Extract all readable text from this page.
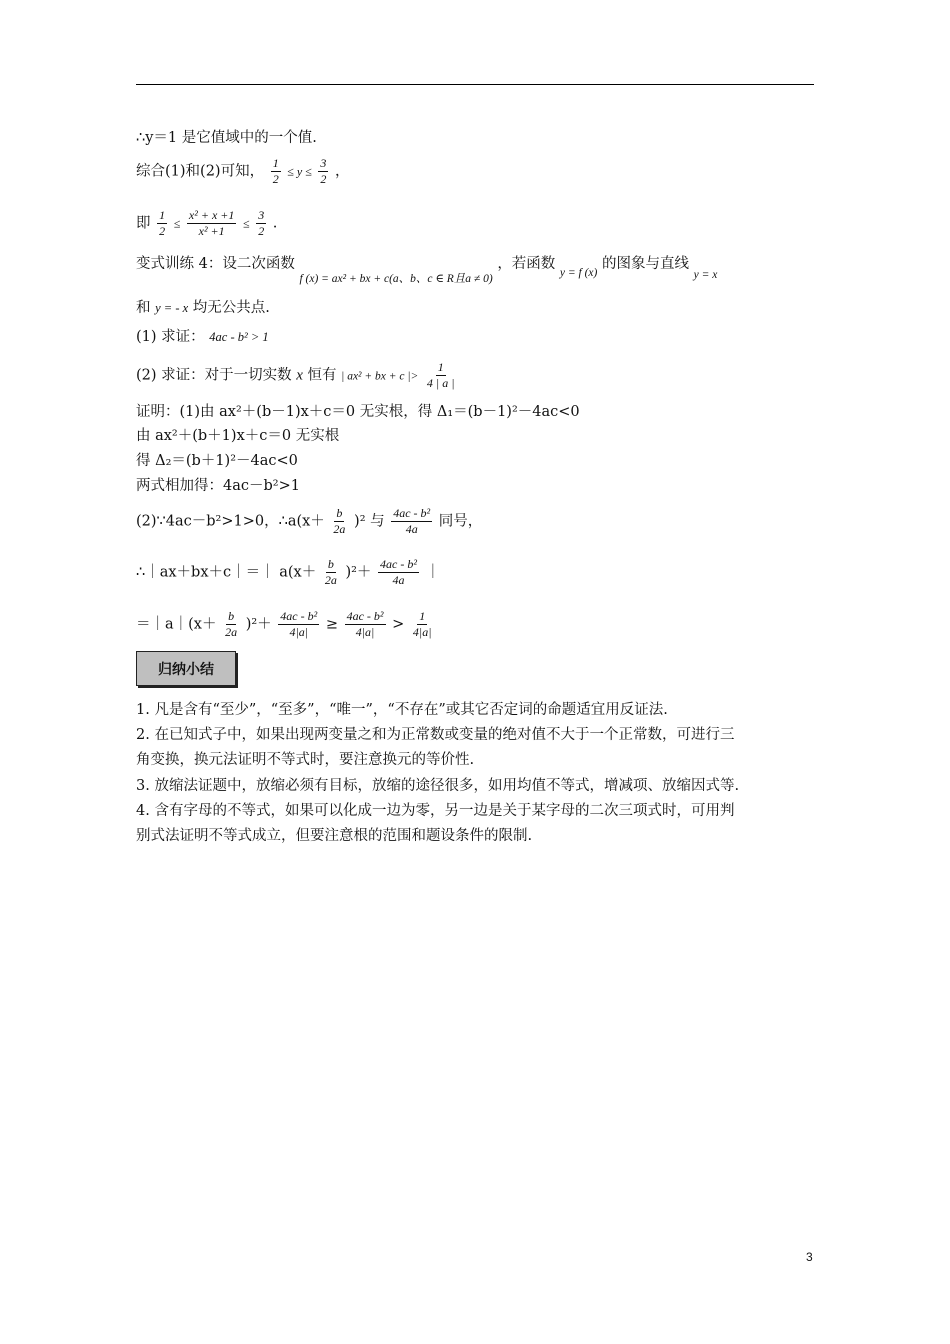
∴y＝1 是它值域中的一个值.
综合(1)和(2)可知， $\frac{1}{2} \le y \le \frac{3}{2}$ ，
即 $\frac{1}{2} \le \frac{\text{x² + x +1}}{\text{x² +1}} \le \frac{3}{2}$ .
变式训练 4：设二次函数 $_{f (x) = ax^2 + bx + c(a、b、c \in R且a \ne 0)}$ ，若函数 $_{y = f (x)}$ 的图象与直线 $_{y = x}$
和 y = - x 均无公共点.
(1) 求证： 4ac - b² > 1
(2) 求证：对于一切实数 x 恒有 | ax² + bx + c |> $\frac{1}{4 | a |}$
证明：(1)由 ax²＋(b－1)x＋c＝0 无实根，得 Δ₁＝(b－1)²－4ac<0
由 ax²＋(b＋1)x＋c＝0 无实根
得 Δ₂＝(b＋1)²－4ac<0
两式相加得：4ac－b²>1
(2)∵4ac－b²>1>0，∴a(x＋ $\frac{b}{2a} )^2$ 与 $\frac{\text{4ac - b²}}{4a}$ 同号，
∴｜ax＋bx＋c｜＝｜ $a(x+ \frac{b}{2a} )^2+ \frac{\text{4ac - b²}}{4a}$ ｜
＝｜a｜(x＋ $\frac{b}{2a} )^2+ \frac{\text{4ac - b²}}{4|a|} \ge \frac{\text{4ac - b²}}{4|a|} > \frac{1}{4|a|}$
归纳小结
1. 凡是含有“至少”，“至多”，“唯一”，“不存在”或其它否定词的命题适宜用反证法.
2. 在已知式子中，如果出现两变量之和为正常数或变量的绝对值不大于一个正常数，可进行三
角变换，换元法证明不等式时，要注意换元的等价性.
3. 放缩法证题中，放缩必须有目标，放缩的途径很多，如用均值不等式，增减项、放缩因式等.
4. 含有字母的不等式，如果可以化成一边为零，另一边是关于某字母的二次三项式时，可用判
别式法证明不等式成立，但要注意根的范围和题设条件的限制.
3
